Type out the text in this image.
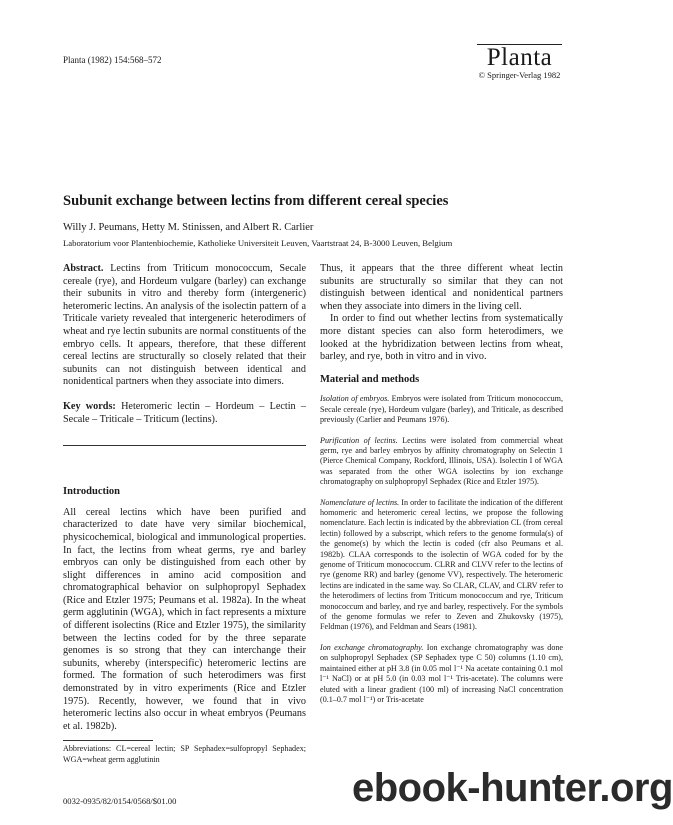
Planta (1982) 154:568–572	Planta
© Springer-Verlag 1982
Subunit exchange between lectins from different cereal species
Willy J. Peumans, Hetty M. Stinissen, and Albert R. Carlier
Laboratorium voor Plantenbiochemie, Katholieke Universiteit Leuven, Vaartstraat 24, B-3000 Leuven, Belgium

Abstract. Lectins from Triticum monococcum, Secale cereale (rye), and Hordeum vulgare (barley) can exchange their subunits in vitro and thereby form (intergeneric) heteromeric lectins. An analysis of the isolectin pattern of a Triticale variety revealed that intergeneric heterodimers of wheat and rye lectin subunits are normal constituents of the embryo cells. It appears, therefore, that these different cereal lectins are structurally so closely related that their subunits can not distinguish between identical and nonidentical partners when they associate into dimers.

Key words: Heteromeric lectin – Hordeum – Lectin – Secale – Triticale – Triticum (lectins).

Introduction

All cereal lectins which have been purified and characterized to date have very similar biochemical, physicochemical, biological and immunological properties. In fact, the lectins from wheat germs, rye and barley embryos can only be distinguished from each other by slight differences in amino acid composition and chromatographical behavior on sulphopropyl Sephadex (Rice and Etzler 1975; Peumans et al. 1982a). In the wheat germ agglutinin (WGA), which in fact represents a mixture of different isolectins (Rice and Etzler 1975), the similarity between the lectins coded for by the three separate genomes is so strong that they can interchange their subunits, whereby (interspecific) heteromeric lectins are formed. The formation of such heterodimers was first demonstrated by in vitro experiments (Rice and Etzler 1975). Recently, however, we found that in vivo heteromeric lectins also occur in wheat embryos (Peumans et al. 1982b).

Abbreviations: CL=cereal lectin; SP Sephadex=sulfopropyl Sephadex; WGA=wheat germ agglutinin

Thus, it appears that the three different wheat lectin subunits are structurally so similar that they can not distinguish between identical and nonidentical partners when they associate into dimers in the living cell.

In order to find out whether lectins from systematically more distant species can also form heterodimers, we looked at the hybridization between lectins from wheat, barley, and rye, both in vitro and in vivo.

Material and methods

Isolation of embryos. Embryos were isolated from Triticum monococcum, Secale cereale (rye), Hordeum vulgare (barley), and Triticale, as described previously (Carlier and Peumans 1976).

Purification of lectins. Lectins were isolated from commercial wheat germ, rye and barley embryos by affinity chromatography on Selectin 1 (Pierce Chemical Company, Rockford, Illinois, USA). Isolectin I of WGA was separated from the other WGA isolectins by ion exchange chromatography on sulphopropyl Sephadex (Rice and Etzler 1975).

Nomenclature of lectins. In order to facilitate the indication of the different homomeric and heteromeric cereal lectins, we propose the following nomenclature. Each lectin is indicated by the abbreviation CL (from cereal lectin) followed by a subscript, which refers to the genome formula(s) of the genome(s) by which the lectin is coded (cfr also Peumans et al. 1982b). CLAA corresponds to the isolectin of WGA coded for by the genome of Triticum monococcum. CLRR and CLVV refer to the lectins of rye (genome RR) and barley (genome VV), respectively. The heteromeric lectins are indicated in the same way. So CLAR, CLAV, and CLRV refer to the heterodimers of lectins from Triticum monococcum and rye, Triticum monococcum and barley, and rye and barley, respectively. For the symbols of the genome formulas we refer to Zeven and Zhukovsky (1975), Feldman (1976), and Feldman and Sears (1981).

Ion exchange chromatography. Ion exchange chromatography was done on sulphopropyl Sephadex (SP Sephadex type C 50) columns (1.10 cm), maintained either at pH 3.8 (in 0.05 mol l⁻¹ Na acetate containing 0.1 mol l⁻¹ NaCl) or at pH 5.0 (in 0.03 mol l⁻¹ Tris-acetate). The columns were eluted with a linear gradient (100 ml) of increasing NaCl concentration (0.1–0.7 mol l⁻¹) or Tris-acetate

0032-0935/82/0154/0568/$01.00	ebook-hunter.org
